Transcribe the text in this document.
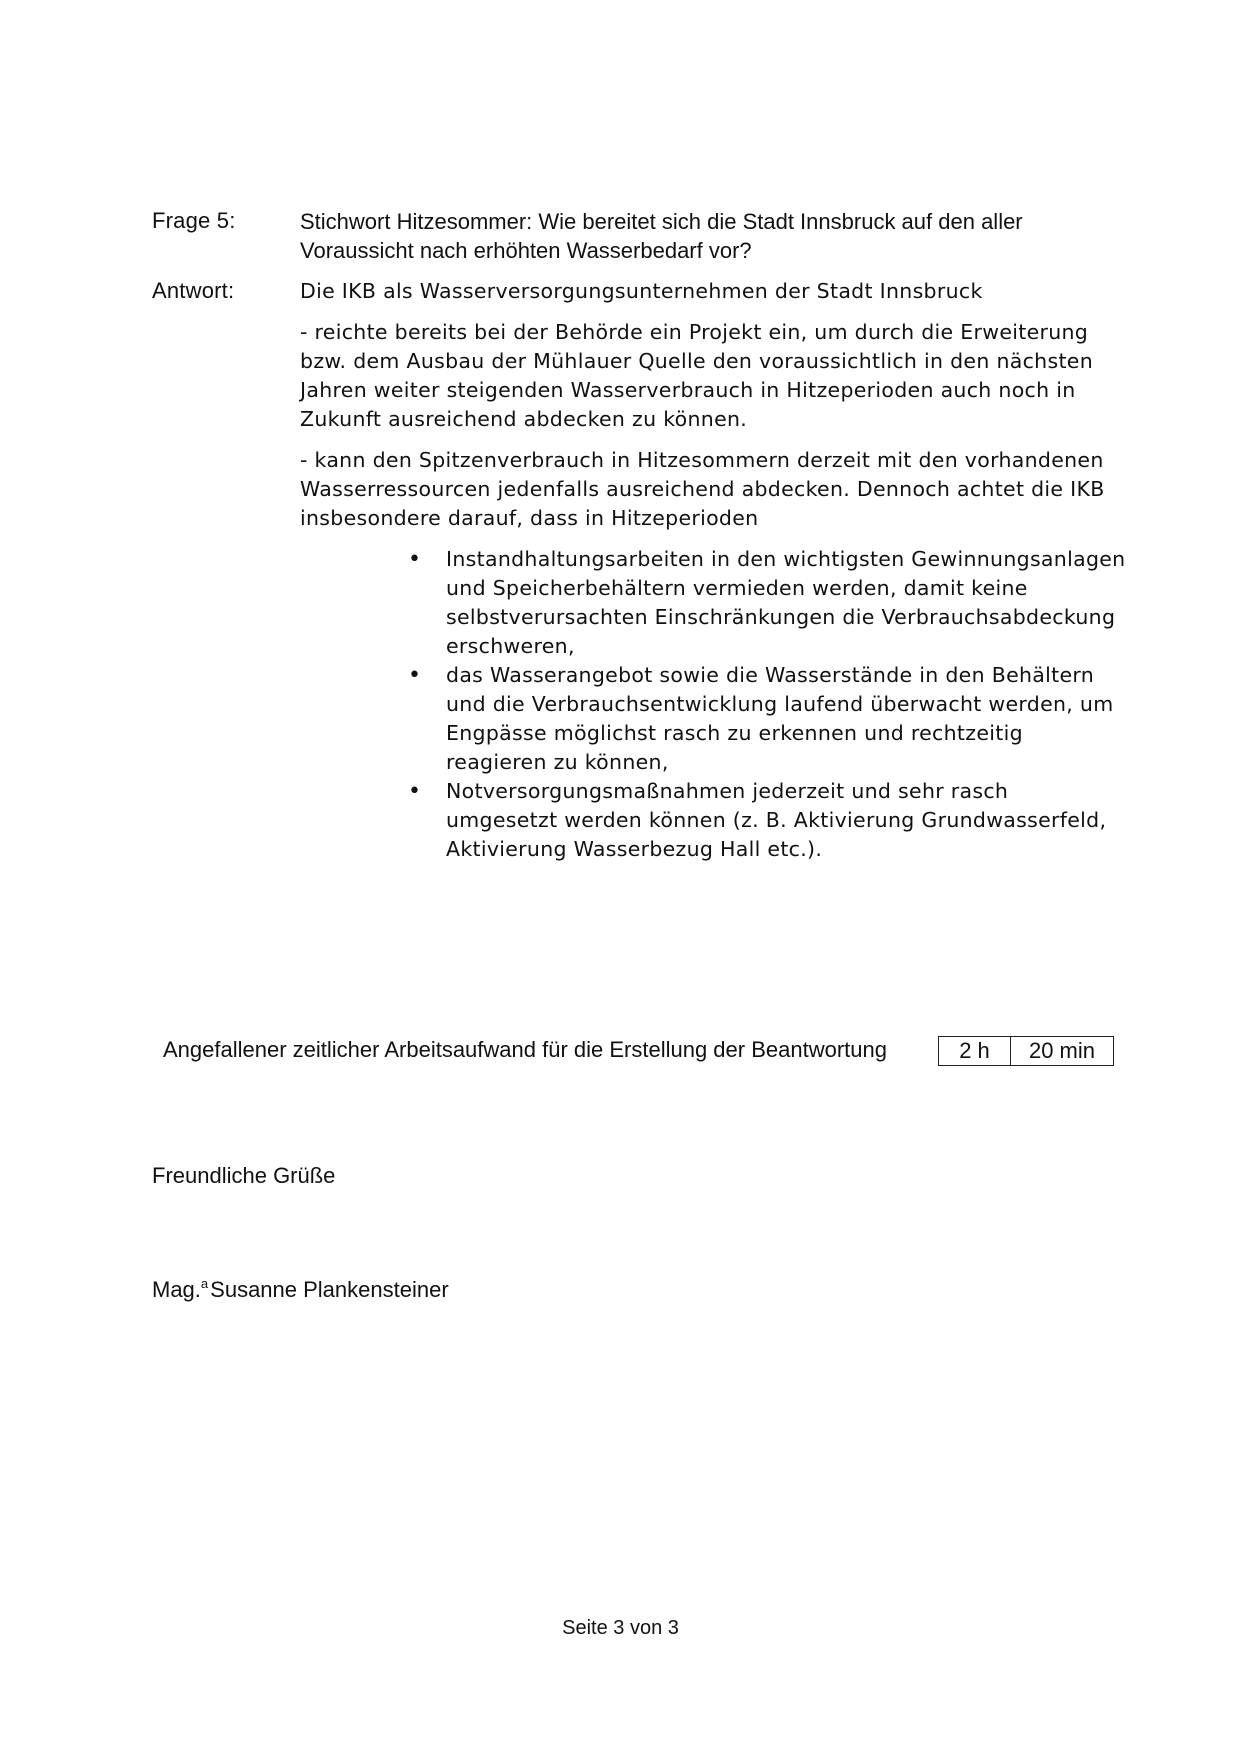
Frage 5:	Stichwort Hitzesommer: Wie bereitet sich die Stadt Innsbruck auf den aller Voraussicht nach erhöhten Wasserbedarf vor?
Antwort:	Die IKB als Wasserversorgungsunternehmen der Stadt Innsbruck

- reichte bereits bei der Behörde ein Projekt ein, um durch die Erweiterung bzw. dem Ausbau der Mühlauer Quelle den voraussichtlich in den nächsten Jahren weiter steigenden Wasserverbrauch in Hitzeperioden auch noch in Zukunft ausreichend abdecken zu können.

- kann den Spitzenverbrauch in Hitzesommern derzeit mit den vorhandenen Wasserressourcen jedenfalls ausreichend abdecken. Dennoch achtet die IKB insbesondere darauf, dass in Hitzeperioden

• Instandhaltungsarbeiten in den wichtigsten Gewinnungsanlagen und Speicherbehältern vermieden werden, damit keine selbstverursachten Einschränkungen die Verbrauchsabdeckung erschweren,
• das Wasserangebot sowie die Wasserstände in den Behältern und die Verbrauchsentwicklung laufend überwacht werden, um Engpässe möglichst rasch zu erkennen und rechtzeitig reagieren zu können,
• Notversorgungsmaßnahmen jederzeit und sehr rasch umgesetzt werden können (z. B. Aktivierung Grundwasserfeld, Aktivierung Wasserbezug Hall etc.).
Angefallener zeitlicher Arbeitsaufwand für die Erstellung der Beantwortung	2 h	20 min
Freundliche Grüße
Mag.$^a$Susanne Plankensteiner
Seite 3 von 3
